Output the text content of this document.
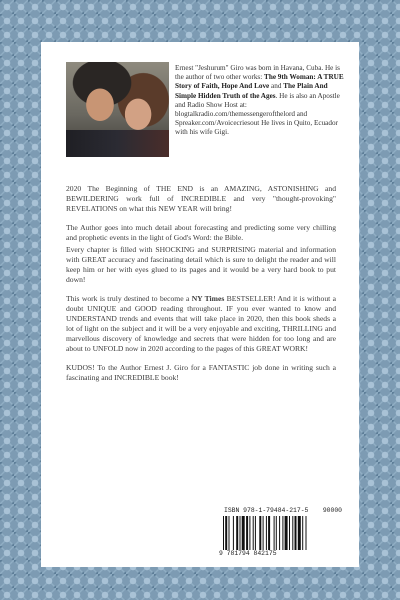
Ernest "Jeshurum" Giro was born in Havana, Cuba. He is the author of two other works: The 9th Woman: A TRUE Story of Faith, Hope And Love and The Plain And Simple Hidden Truth of the Ages. He is also an Apostle and Radio Show Host at: blogtalkradio.com/themessengerofthelord and Spreaker.com/Avoicecriesout He lives in Quito, Ecuador with his wife Gigi.

2020 The Beginning of THE END is an AMAZING, ASTONISHING and BEWILDERING work full of INCREDIBLE and very "thought-provoking" REVELATIONS on what this NEW YEAR will bring!

The Author goes into much detail about forecasting and predicting some very chilling and prophetic events in the light of God's Word: the Bible.

Every chapter is filled with SHOCKING and SURPRISING material and information with GREAT accuracy and fascinating detail which is sure to delight the reader and will keep him or her with eyes glued to its pages and it would be a very hard book to put down!

This work is truly destined to become a NY Times BESTSELLER! And it is without a doubt UNIQUE and GOOD reading throughout. IF you ever wanted to know and UNDERSTAND trends and events that will take place in 2020, then this book sheds a lot of light on the subject and it will be a very enjoyable and exciting, THRILLING and marvellous discovery of knowledge and secrets that were hidden for too long and are about to UNFOLD now in 2020 according to the pages of this GREAT WORK!

KUDOS! To the Author Ernest J. Giro for a FANTASTIC job done in writing such a fascinating and INCREDIBLE book!

ISBN 978-1-79484-217-5 90000
9 781794 842175
